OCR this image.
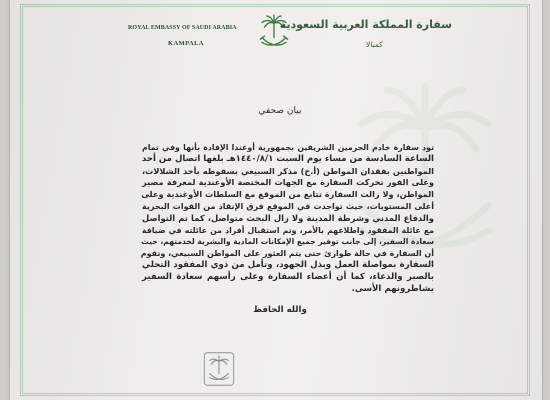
ROYAL EMBASSY OF SAUDI ARABIA
KAMPALA
سفارة المملكة العربية السعودية
كمبالا
بيان صحفي
تود سفارة خادم الحرمين الشريفين بجمهورية أوغندا الإفادة بأنها وفي تمام
الساعة السادسة من مساء يوم السبت ١٤٤٠/٨/١هـ بلغها اتصال من أحد
المواطنين بفقدان المواطن (أ.خ) مذكر السبيعي بسقوطه بأحد الشلالات،
وعلى الفور تحركت السفارة مع الجهات المختصة الأوغندية لمعرفة مصير
المواطن، ولا زالت السفارة تتابع من الموقع مع السلطات الأوغندية وعلى
أعلى المستويات، حيث تواجدت في الموقع فرق الإنقاذ من القوات البحرية
والدفاع المدني وشرطة المدينة ولا زال البحث متواصل، كما تم التواصل
مع عائلة المفقود واطلاعهم بالأمر، وتم استقبال أفراد من عائلته في ضيافة
سعادة السفير، إلى جانب توفير جميع الإمكانات المادية والبشرية لخدمتهم، حيث
أن السفارة في حالة طوارئ حتى يتم العثور على المواطن السبيعي، وتقوم
السفارة بمواصلة العمل وبذل الجهود، وتأمل من ذوي المفقود التحلي
بالصبر والدعاء، كما أن أعضاء السفارة وعلى رأسهم سعادة السفير
يشاطرونهم الأسى.
والله الحافظ
